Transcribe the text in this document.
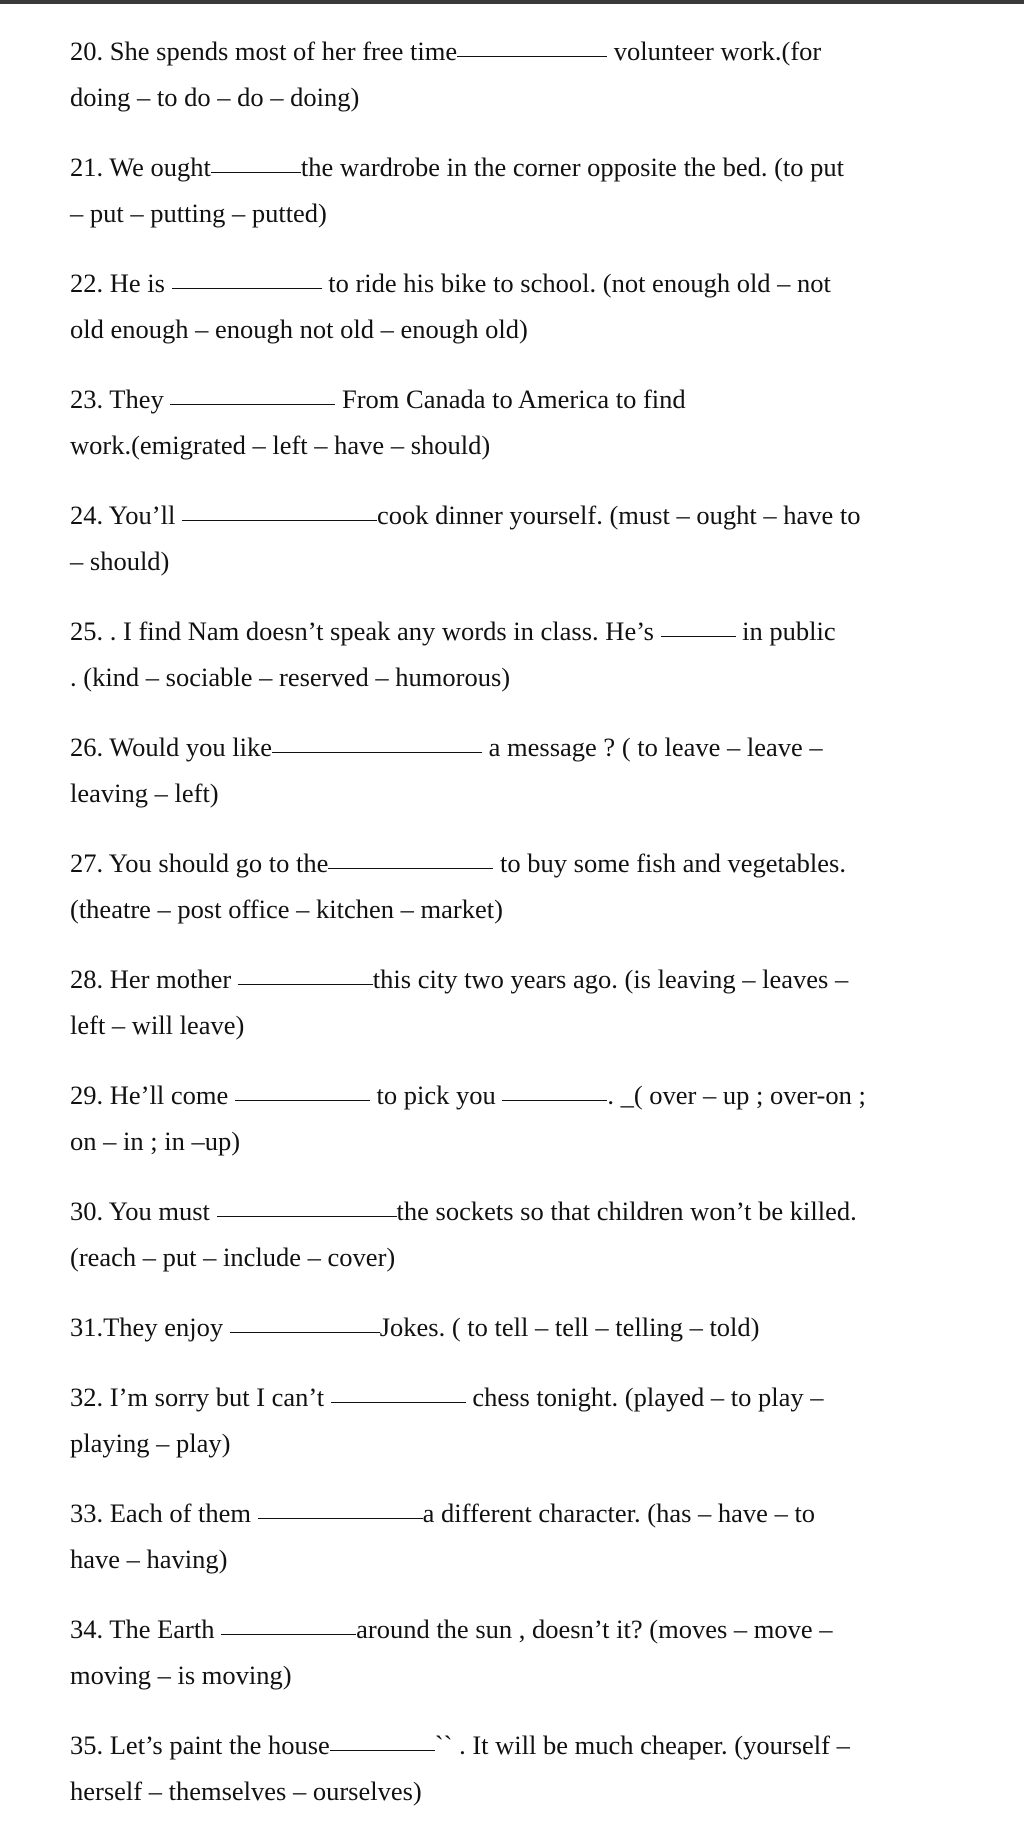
20. She spends most of her free time	volunteer work.(for
doing – to do – do – doing)
21. We ought	the wardrobe in the corner opposite the bed. (to put
– put – putting – putted)
22. He is	to ride his bike to school. (not enough old – not
old enough – enough not old – enough old)
23. They	From Canada to America to find
work.(emigrated – left – have – should)
24. You’ll	cook dinner yourself. (must – ought – have to
– should)
25. . I find Nam doesn’t speak any words in class. He’s	in public
. (kind – sociable – reserved – humorous)
26. Would you like	a message ? ( to leave – leave –
leaving – left)
27. You should go to the	to buy some fish and vegetables.
(theatre – post office – kitchen – market)
28. Her mother	this city two years ago. (is leaving – leaves –
left – will leave)
29. He’ll come	to pick you	. _( over – up ; over-on ;
on – in ; in –up)
30. You must	the sockets so that children won’t be killed.
(reach – put – include – cover)
31.They enjoy	Jokes. ( to tell – tell – telling – told)
32. I’m sorry but I can’t	chess tonight. (played – to play –
playing – play)
33. Each of them	a different character. (has – have – to
have – having)
34. The Earth	around the sun , doesn’t it? (moves – move –
moving – is moving)
35. Let’s paint the house	`` . It will be much cheaper. (yourself –
herself – themselves – ourselves)
